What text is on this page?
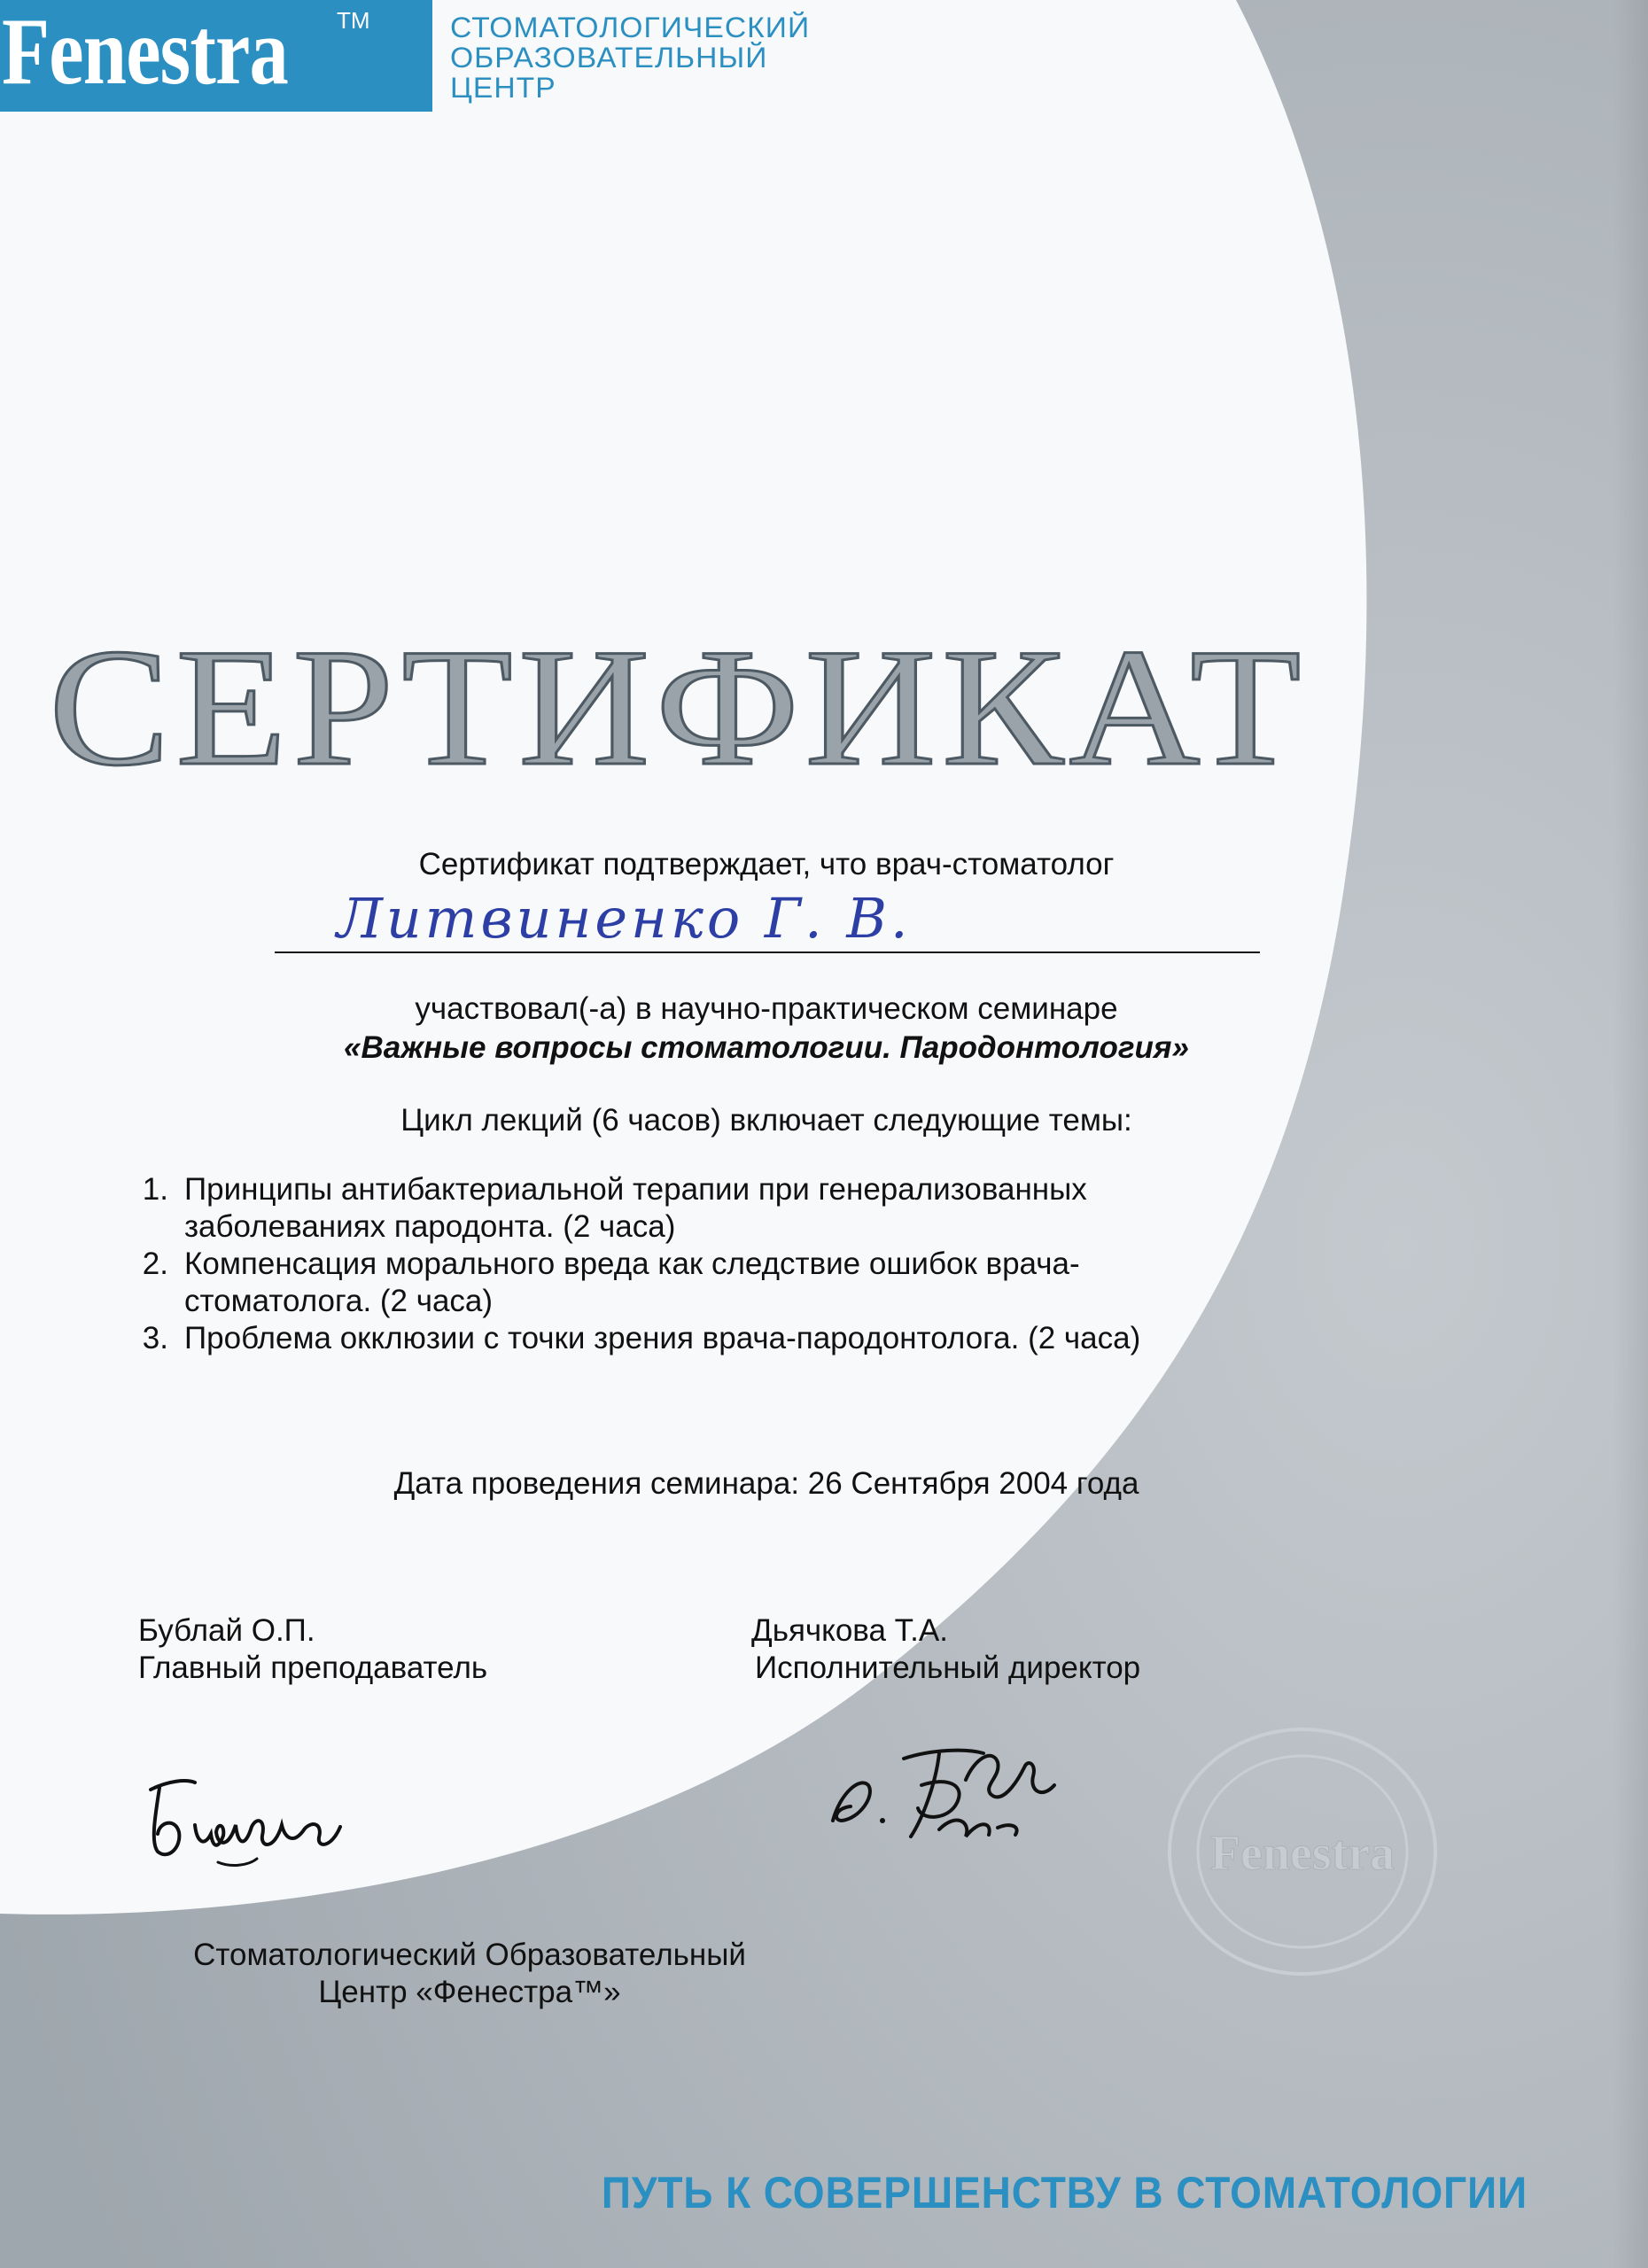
Fenestra TM	СТОМАТОЛОГИЧЕСКИЙ
ОБРАЗОВАТЕЛЬНЫЙ
ЦЕНТР
СЕРТИФИКАТ
Сертификат подтверждает, что врач-стоматолог
Литвиненко Г. В.
участвовал(-а) в научно-практическом семинаре
«Важные вопросы стоматологии. Пародонтология»
Цикл лекций (6 часов) включает следующие темы:
1. Принципы антибактериальной терапии при генерализованных
заболеваниях пародонта. (2 часа)
2. Компенсация морального вреда как следствие ошибок врача-
стоматолога. (2 часа)
3. Проблема окклюзии с точки зрения врача-пародонтолога. (2 часа)
Дата проведения семинара: 26 Сентября 2004 года
Бублай О.П.
Главный преподаватель
Дьячкова Т.А.
Исполнительный директор
Fenestra
Стоматологический Образовательный
Центр «Фенестра™»
ПУТЬ К СОВЕРШЕНСТВУ В СТОМАТОЛОГИИ
